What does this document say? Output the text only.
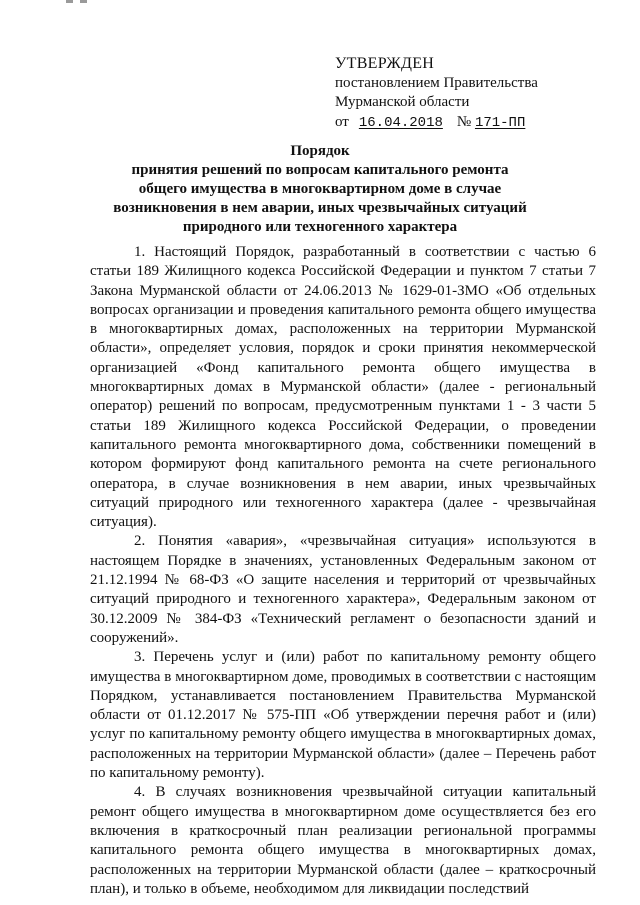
УТВЕРЖДЕН
постановлением Правительства
Мурманской области
от 16.04.2018 № 171-ПП
Порядок
принятия решений по вопросам капитального ремонта
общего имущества в многоквартирном доме в случае
возникновения в нем аварии, иных чрезвычайных ситуаций
природного или техногенного характера

1. Настоящий Порядок, разработанный в соответствии с частью 6 статьи 189 Жилищного кодекса Российской Федерации и пунктом 7 статьи 7 Закона Мурманской области от 24.06.2013 № 1629-01-ЗМО «Об отдельных вопросах организации и проведения капитального ремонта общего имущества в многоквартирных домах, расположенных на территории Мурманской области», определяет условия, порядок и сроки принятия некоммерческой организацией «Фонд капитального ремонта общего имущества в многоквартирных домах в Мурманской области» (далее - региональный оператор) решений по вопросам, предусмотренным пунктами 1 - 3 части 5 статьи 189 Жилищного кодекса Российской Федерации, о проведении капитального ремонта многоквартирного дома, собственники помещений в котором формируют фонд капитального ремонта на счете регионального оператора, в случае возникновения в нем аварии, иных чрезвычайных ситуаций природного или техногенного характера (далее - чрезвычайная ситуация).

2. Понятия «авария», «чрезвычайная ситуация» используются в настоящем Порядке в значениях, установленных Федеральным законом от 21.12.1994 № 68-ФЗ «О защите населения и территорий от чрезвычайных ситуаций природного и техногенного характера», Федеральным законом от 30.12.2009 № 384-ФЗ «Технический регламент о безопасности зданий и сооружений».

3. Перечень услуг и (или) работ по капитальному ремонту общего имущества в многоквартирном доме, проводимых в соответствии с настоящим Порядком, устанавливается постановлением Правительства Мурманской области от 01.12.2017 № 575-ПП «Об утверждении перечня работ и (или) услуг по капитальному ремонту общего имущества в многоквартирных домах, расположенных на территории Мурманской области» (далее – Перечень работ по капитальному ремонту).

4. В случаях возникновения чрезвычайной ситуации капитальный ремонт общего имущества в многоквартирном доме осуществляется без его включения в краткосрочный план реализации региональной программы капитального ремонта общего имущества в многоквартирных домах, расположенных на территории Мурманской области (далее – краткосрочный план), и только в объеме, необходимом для ликвидации последствий
